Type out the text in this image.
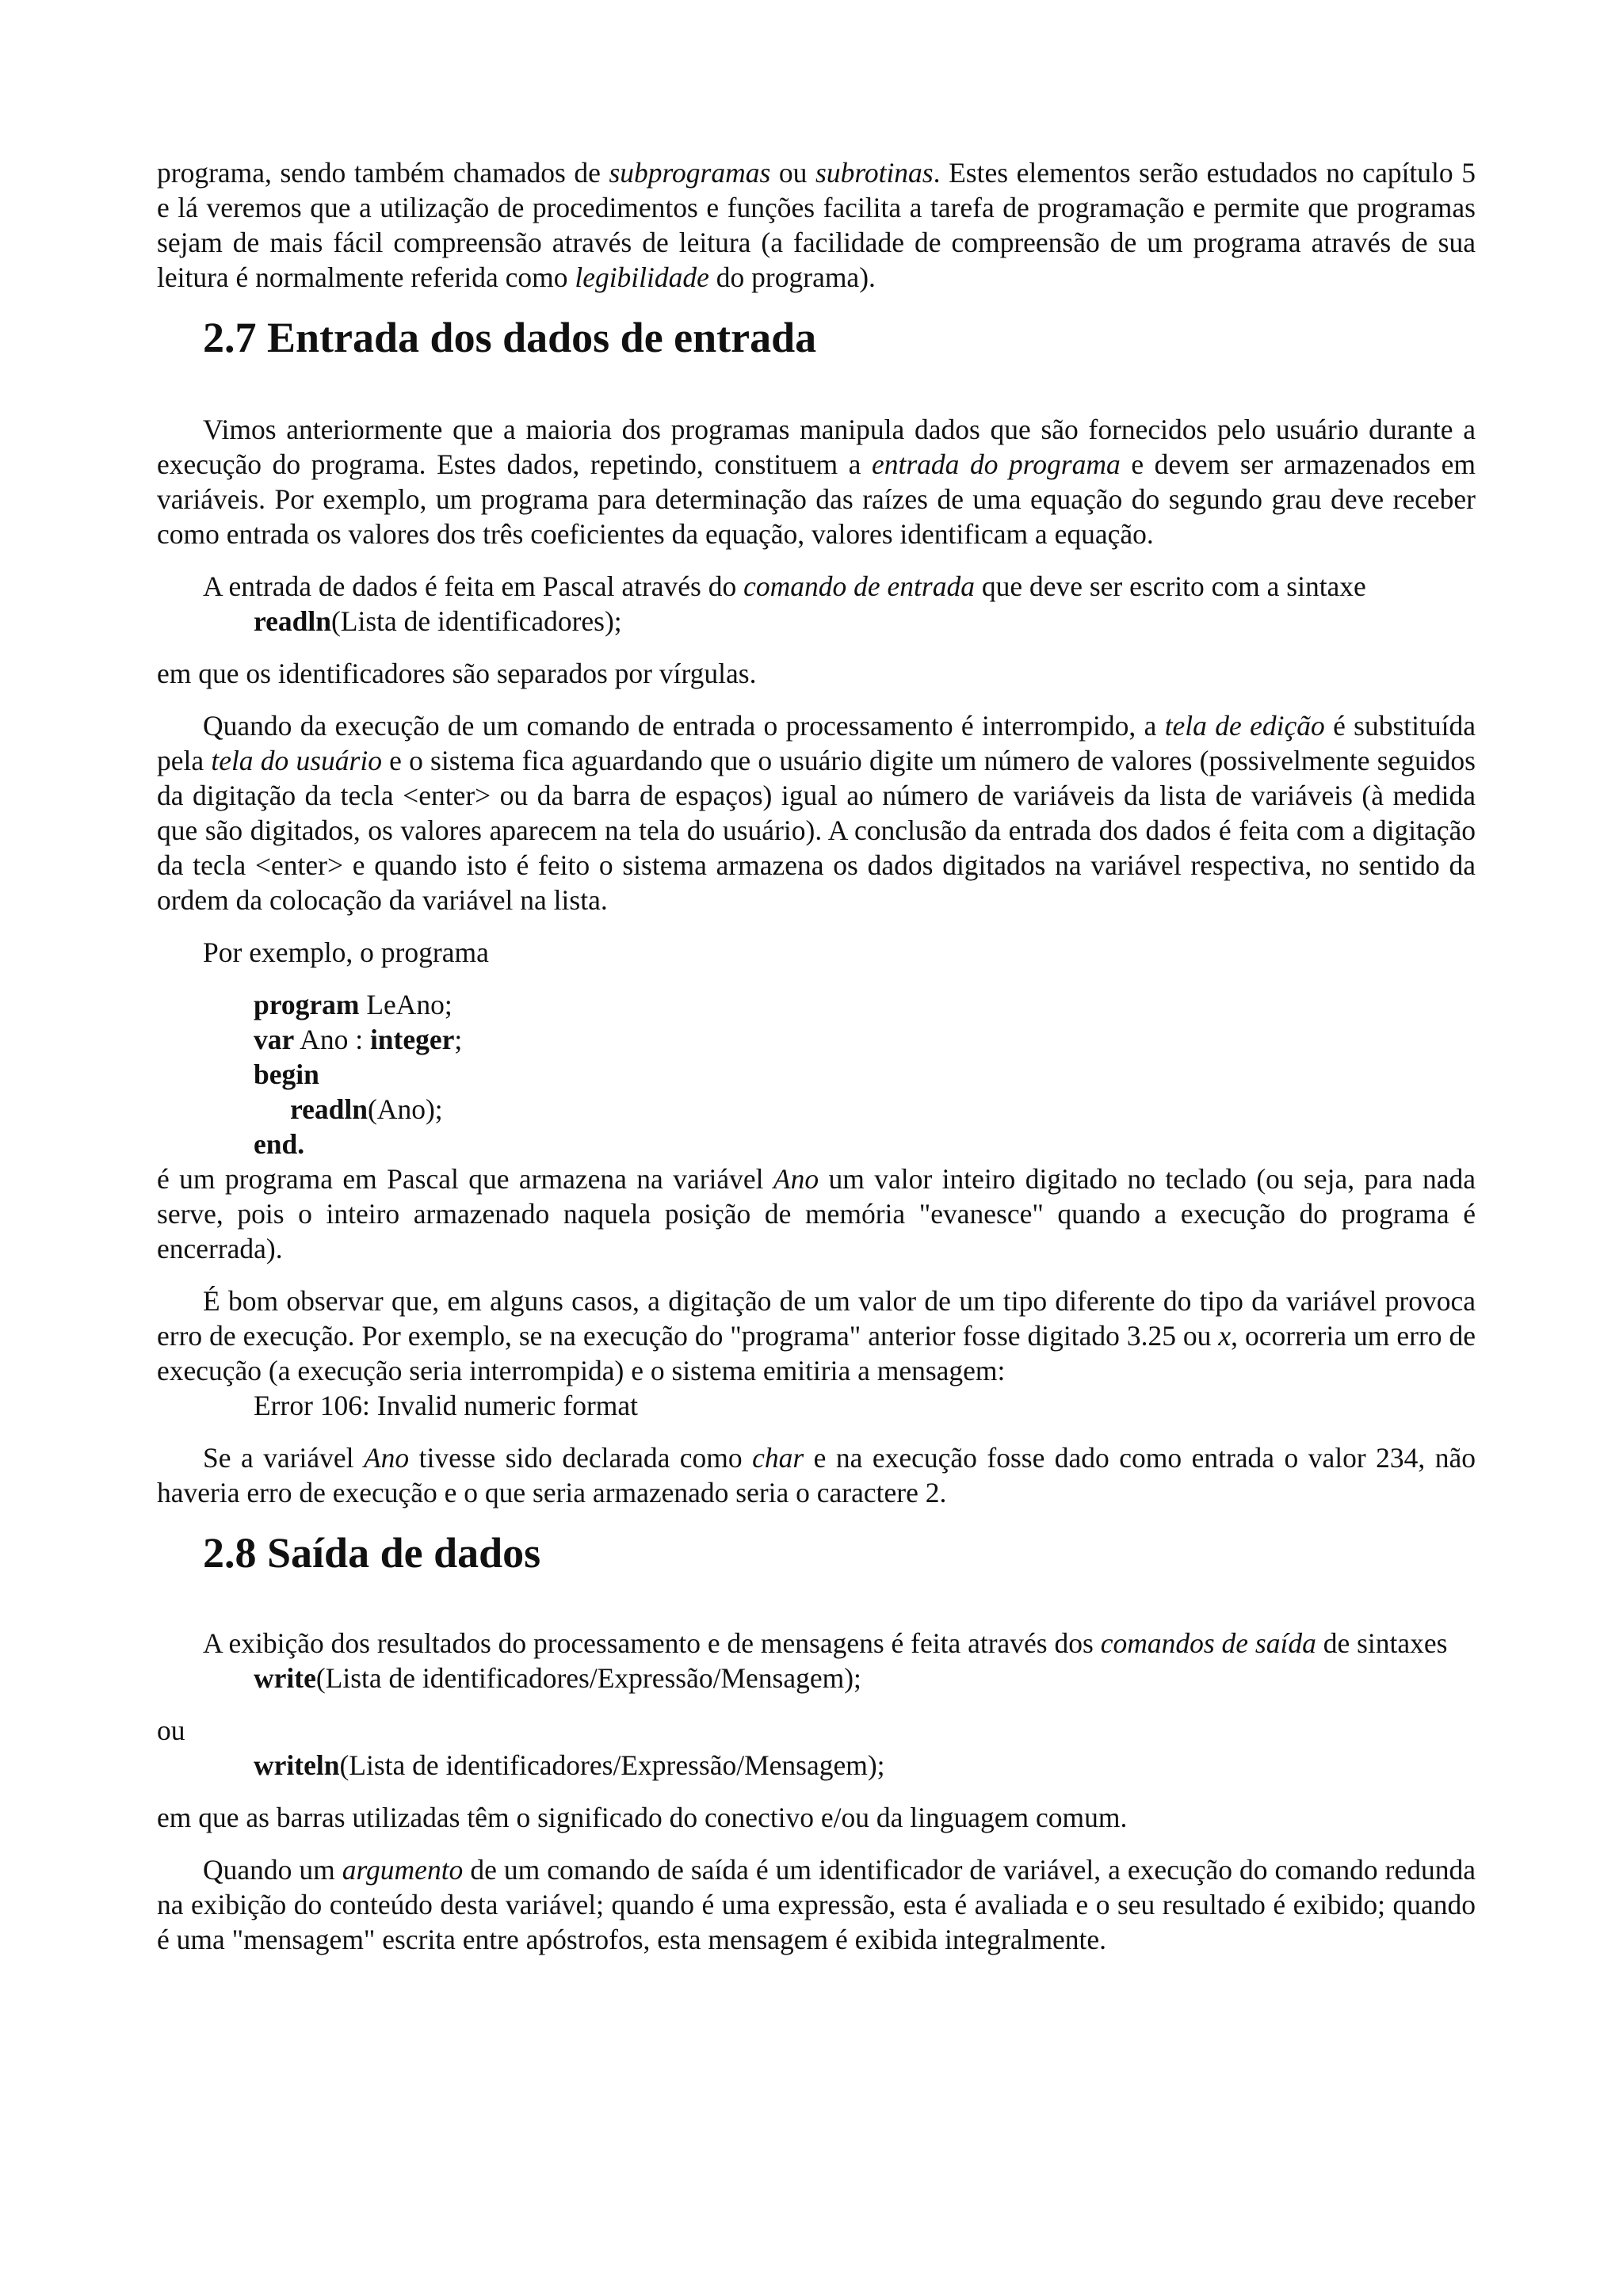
programa, sendo também chamados de subprogramas ou subrotinas. Estes elementos serão estudados no capítulo 5 e lá veremos que a utilização de procedimentos e funções facilita a tarefa de programação e permite que programas sejam de mais fácil compreensão através de leitura (a facilidade de compreensão de um programa através de sua leitura é normalmente referida como legibilidade do programa).

2.7 Entrada dos dados de entrada

Vimos anteriormente que a maioria dos programas manipula dados que são fornecidos pelo usuário durante a execução do programa. Estes dados, repetindo, constituem a entrada do programa e devem ser armazenados em variáveis. Por exemplo, um programa para determinação das raízes de uma equação do segundo grau deve receber como entrada os valores dos três coeficientes da equação, valores identificam a equação.

A entrada de dados é feita em Pascal através do comando de entrada que deve ser escrito com a sintaxe

readln(Lista de identificadores);

em que os identificadores são separados por vírgulas.

Quando da execução de um comando de entrada o processamento é interrompido, a tela de edição é substituída pela tela do usuário e o sistema fica aguardando que o usuário digite um número de valores (possivelmente seguidos da digitação da tecla <enter> ou da barra de espaços) igual ao número de variáveis da lista de variáveis (à medida que são digitados, os valores aparecem na tela do usuário). A conclusão da entrada dos dados é feita com a digitação da tecla <enter> e quando isto é feito o sistema armazena os dados digitados na variável respectiva, no sentido da ordem da colocação da variável na lista.

Por exemplo, o programa

program LeAno;

var Ano : integer;

begin

readln(Ano);

end.

é um programa em Pascal que armazena na variável Ano um valor inteiro digitado no teclado (ou seja, para nada serve, pois o inteiro armazenado naquela posição de memória "evanesce" quando a execução do programa é encerrada).

É bom observar que, em alguns casos, a digitação de um valor de um tipo diferente do tipo da variável provoca erro de execução. Por exemplo, se na execução do "programa" anterior fosse digitado 3.25 ou x, ocorreria um erro de execução (a execução seria interrompida) e o sistema emitiria a mensagem:

Error 106: Invalid numeric format

Se a variável Ano tivesse sido declarada como char e na execução fosse dado como entrada o valor 234, não haveria erro de execução e o que seria armazenado seria o caractere 2.

2.8 Saída de dados

A exibição dos resultados do processamento e de mensagens é feita através dos comandos de saída de sintaxes

write(Lista de identificadores/Expressão/Mensagem);

ou

writeln(Lista de identificadores/Expressão/Mensagem);

em que as barras utilizadas têm o significado do conectivo e/ou da linguagem comum.

Quando um argumento de um comando de saída é um identificador de variável, a execução do comando redunda na exibição do conteúdo desta variável; quando é uma expressão, esta é avaliada e o seu resultado é exibido; quando é uma "mensagem" escrita entre apóstrofos, esta mensagem é exibida integralmente.
